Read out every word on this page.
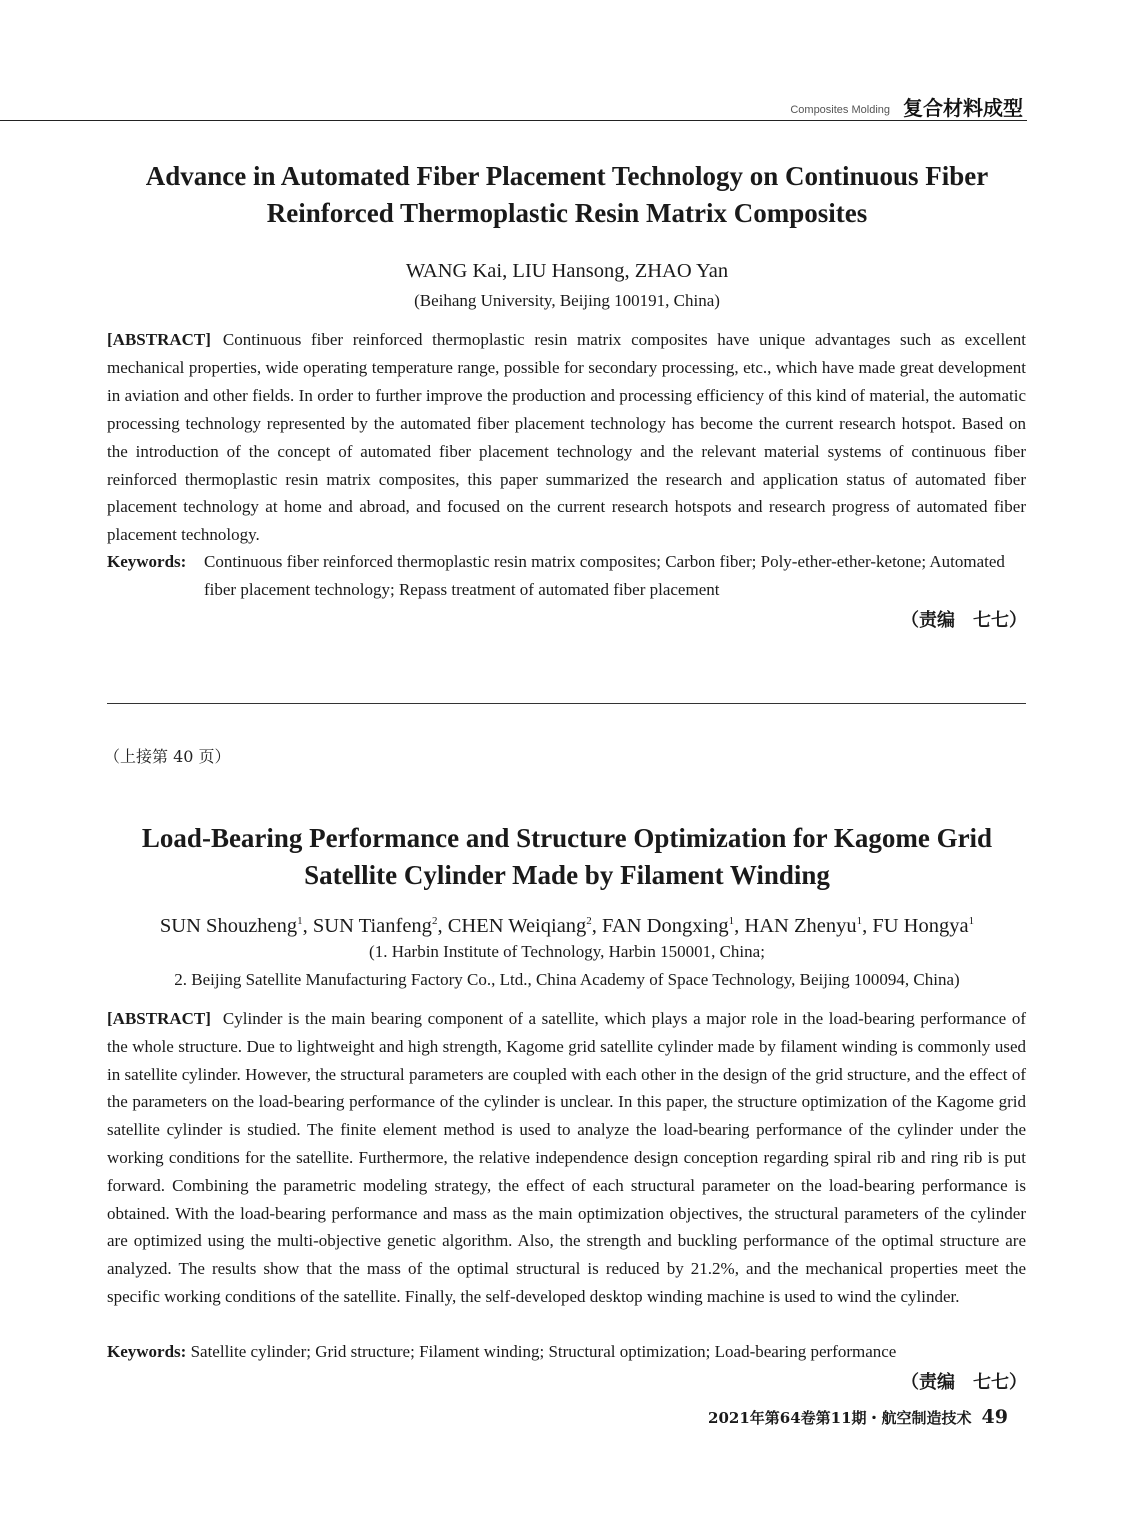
Composites Molding 复合材料成型
Advance in Automated Fiber Placement Technology on Continuous Fiber
Reinforced Thermoplastic Resin Matrix Composites
WANG Kai, LIU Hansong, ZHAO Yan
(Beihang University, Beijing 100191, China)

[ABSTRACT] Continuous fiber reinforced thermoplastic resin matrix composites have unique advantages such as excellent mechanical properties, wide operating temperature range, possible for secondary processing, etc., which have made great development in aviation and other fields. In order to further improve the production and processing efficiency of this kind of material, the automatic processing technology represented by the automated fiber placement technology has become the current research hotspot. Based on the introduction of the concept of automated fiber placement technology and the relevant material systems of continuous fiber reinforced thermoplastic resin matrix composites, this paper summarized the research and application status of automated fiber placement technology at home and abroad, and focused on the current research hotspots and research progress of automated fiber placement technology.

Keywords:	Continuous fiber reinforced thermoplastic resin matrix composites; Carbon fiber; Poly-ether-ether-ketone; Automated fiber placement technology; Repass treatment of automated fiber placement
（责编　七七）
（上接第 40 页）
Load-Bearing Performance and Structure Optimization for Kagome Grid
Satellite Cylinder Made by Filament Winding
SUN Shouzheng$^1$, SUN Tianfeng$^2$, CHEN Weiqiang$^2$, FAN Dongxing$^1$, HAN Zhenyu$^1$, FU Hongya$^1$
(1. Harbin Institute of Technology, Harbin 150001, China;
2. Beijing Satellite Manufacturing Factory Co., Ltd., China Academy of Space Technology, Beijing 100094, China)

[ABSTRACT] Cylinder is the main bearing component of a satellite, which plays a major role in the load-bearing performance of the whole structure. Due to lightweight and high strength, Kagome grid satellite cylinder made by filament winding is commonly used in satellite cylinder. However, the structural parameters are coupled with each other in the design of the grid structure, and the effect of the parameters on the load-bearing performance of the cylinder is unclear. In this paper, the structure optimization of the Kagome grid satellite cylinder is studied. The finite element method is used to analyze the load-bearing performance of the cylinder under the working conditions for the satellite. Furthermore, the relative independence design conception regarding spiral rib and ring rib is put forward. Combining the parametric modeling strategy, the effect of each structural parameter on the load-bearing performance is obtained. With the load-bearing performance and mass as the main optimization objectives, the structural parameters of the cylinder are optimized using the multi-objective genetic algorithm. Also, the strength and buckling performance of the optimal structure are analyzed. The results show that the mass of the optimal structural is reduced by 21.2%, and the mechanical properties meet the specific working conditions of the satellite. Finally, the self-developed desktop winding machine is used to wind the cylinder.

Keywords: Satellite cylinder; Grid structure; Filament winding; Structural optimization; Load-bearing performance

（责编　七七）
2021年第64卷第11期・航空制造技术 49
